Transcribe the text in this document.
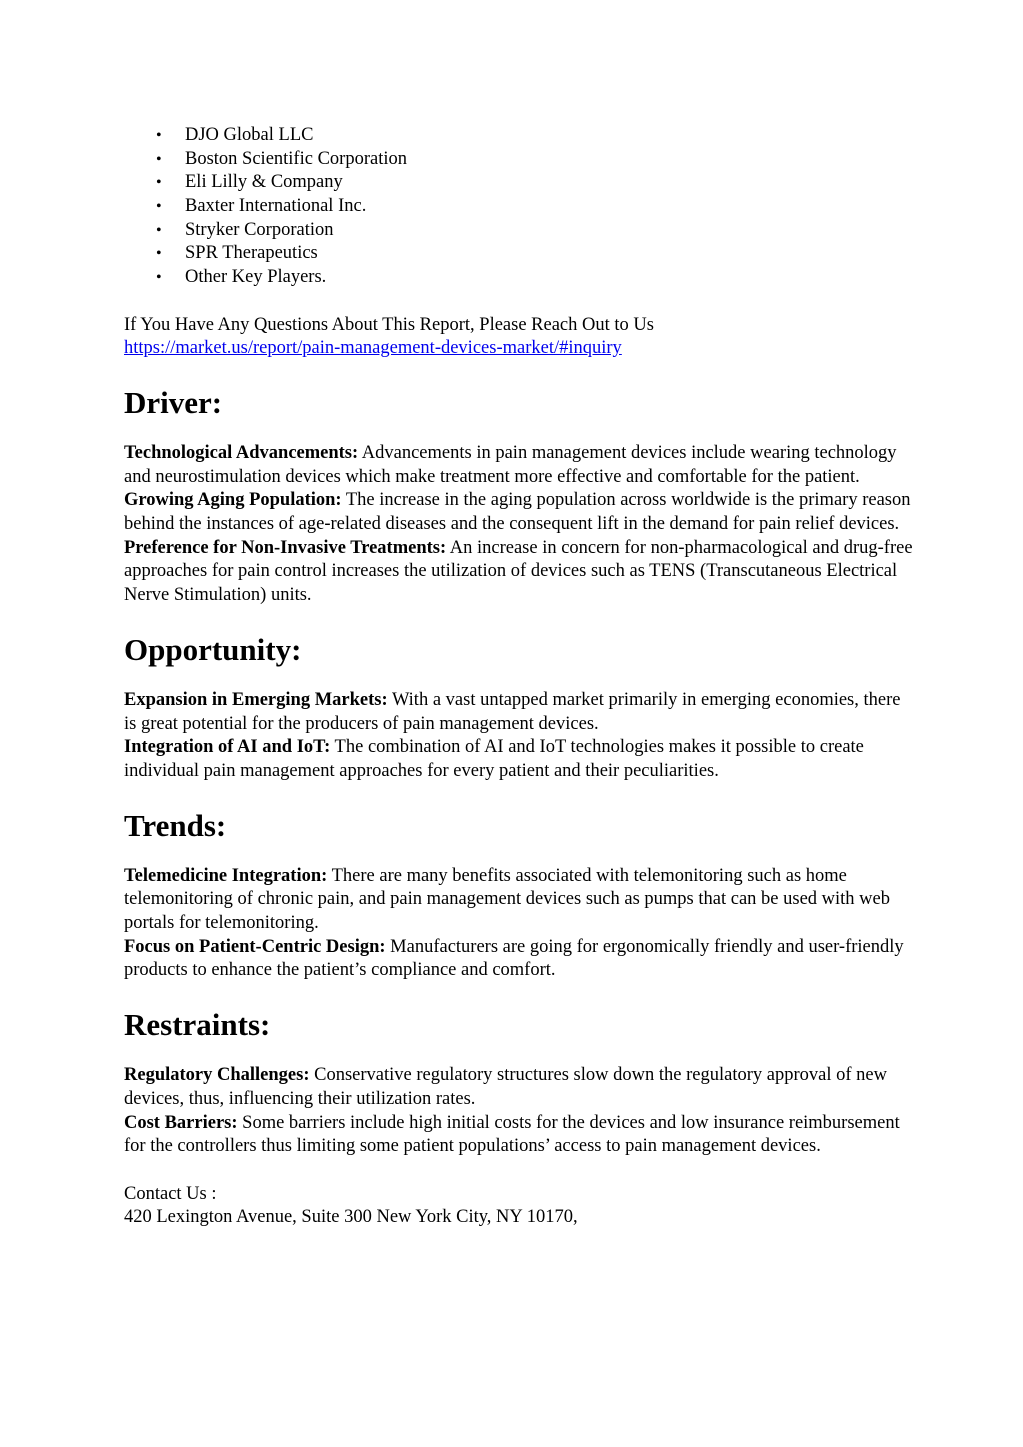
• DJO Global LLC
• Boston Scientific Corporation
• Eli Lilly & Company
• Baxter International Inc.
• Stryker Corporation
• SPR Therapeutics
• Other Key Players.
If You Have Any Questions About This Report, Please Reach Out to Us
https://market.us/report/pain-management-devices-market/#inquiry
Driver:

Technological Advancements: Advancements in pain management devices include wearing technology and neurostimulation devices which make treatment more effective and comfortable for the patient.

Growing Aging Population: The increase in the aging population across worldwide is the primary reason behind the instances of age-related diseases and the consequent lift in the demand for pain relief devices.

Preference for Non-Invasive Treatments: An increase in concern for non-pharmacological and drug-free approaches for pain control increases the utilization of devices such as TENS (Transcutaneous Electrical Nerve Stimulation) units.

Opportunity:

Expansion in Emerging Markets: With a vast untapped market primarily in emerging economies, there is great potential for the producers of pain management devices.

Integration of AI and IoT: The combination of AI and IoT technologies makes it possible to create individual pain management approaches for every patient and their peculiarities.

Trends:

Telemedicine Integration: There are many benefits associated with telemonitoring such as home telemonitoring of chronic pain, and pain management devices such as pumps that can be used with web portals for telemonitoring.

Focus on Patient-Centric Design: Manufacturers are going for ergonomically friendly and user-friendly products to enhance the patient’s compliance and comfort.

Restraints:

Regulatory Challenges: Conservative regulatory structures slow down the regulatory approval of new devices, thus, influencing their utilization rates.

Cost Barriers: Some barriers include high initial costs for the devices and low insurance reimbursement for the controllers thus limiting some patient populations’ access to pain management devices.

Contact Us :
420 Lexington Avenue, Suite 300 New York City, NY 10170,
